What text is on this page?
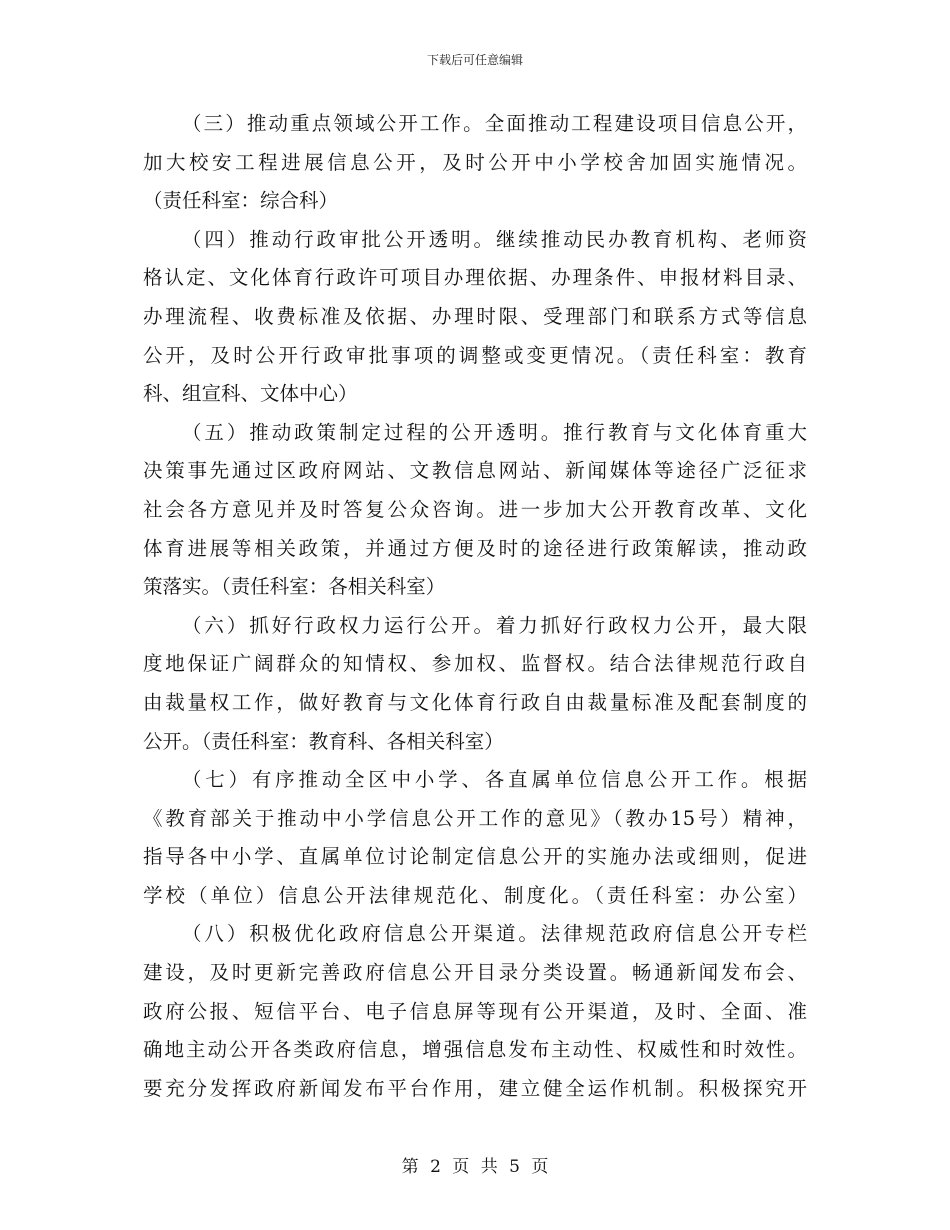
下载后可任意编辑
（三）推动重点领域公开工作。全面推动工程建设项目信息公开，
加大校安工程进展信息公开，及时公开中小学校舍加固实施情况。
（责任科室：综合科）
（四）推动行政审批公开透明。继续推动民办教育机构、老师资
格认定、文化体育行政许可项目办理依据、办理条件、申报材料目录、
办理流程、收费标准及依据、办理时限、受理部门和联系方式等信息
公开，及时公开行政审批事项的调整或变更情况。（责任科室：教育
科、组宣科、文体中心）
（五）推动政策制定过程的公开透明。推行教育与文化体育重大
决策事先通过区政府网站、文教信息网站、新闻媒体等途径广泛征求
社会各方意见并及时答复公众咨询。进一步加大公开教育改革、文化
体育进展等相关政策，并通过方便及时的途径进行政策解读，推动政
策落实。（责任科室：各相关科室）
（六）抓好行政权力运行公开。着力抓好行政权力公开，最大限
度地保证广阔群众的知情权、参加权、监督权。结合法律规范行政自
由裁量权工作，做好教育与文化体育行政自由裁量标准及配套制度的
公开。（责任科室：教育科、各相关科室）
（七）有序推动全区中小学、各直属单位信息公开工作。根据
《教育部关于推动中小学信息公开工作的意见》（教办15号）精神，
指导各中小学、直属单位讨论制定信息公开的实施办法或细则，促进
学校（单位）信息公开法律规范化、制度化。（责任科室：办公室）
（八）积极优化政府信息公开渠道。法律规范政府信息公开专栏
建设，及时更新完善政府信息公开目录分类设置。畅通新闻发布会、
政府公报、短信平台、电子信息屏等现有公开渠道，及时、全面、准
确地主动公开各类政府信息，增强信息发布主动性、权威性和时效性。
要充分发挥政府新闻发布平台作用，建立健全运作机制。积极探究开
第 2 页 共 5 页
